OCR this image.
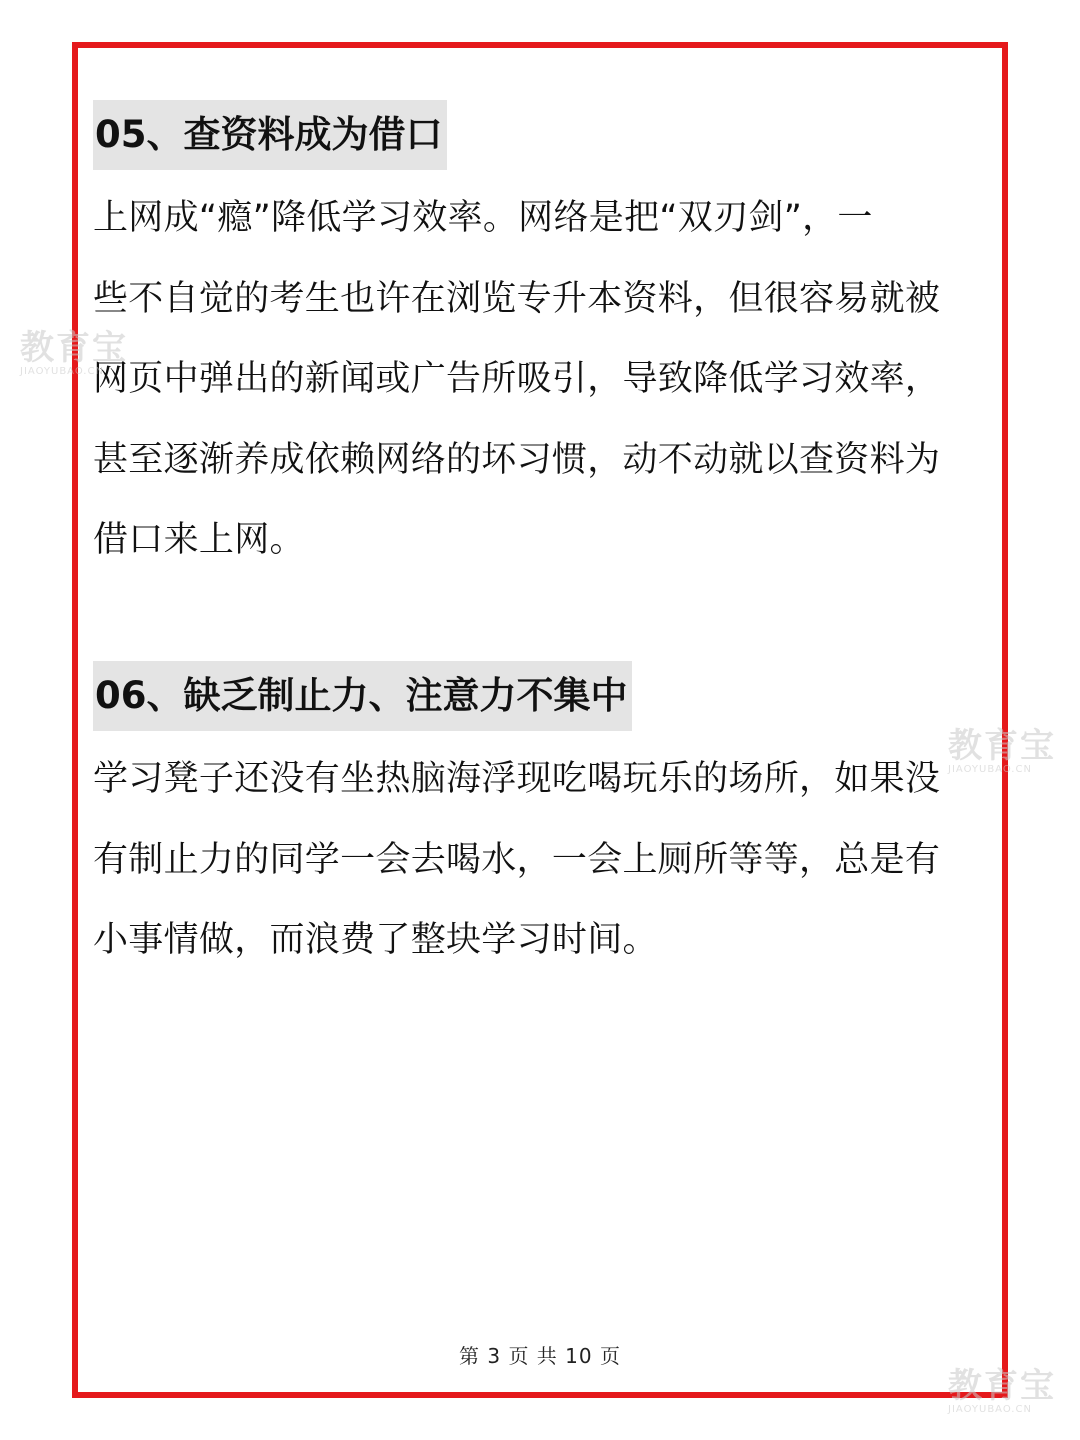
05、查资料成为借口

上网成“瘾”降低学习效率。网络是把“双刃剑”，一
些不自觉的考生也许在浏览专升本资料，但很容易就被
网页中弹出的新闻或广告所吸引，导致降低学习效率，
甚至逐渐养成依赖网络的坏习惯，动不动就以查资料为
借口来上网。

06、缺乏制止力、注意力不集中

学习凳子还没有坐热脑海浮现吃喝玩乐的场所，如果没
有制止力的同学一会去喝水，一会上厕所等等，总是有
小事情做，而浪费了整块学习时间。

第 3 页 共 10 页
教育宝
JIAOYUBAO.CN
教育宝
JIAOYUBAO.CN
教育宝
JIAOYUBAO.CN
